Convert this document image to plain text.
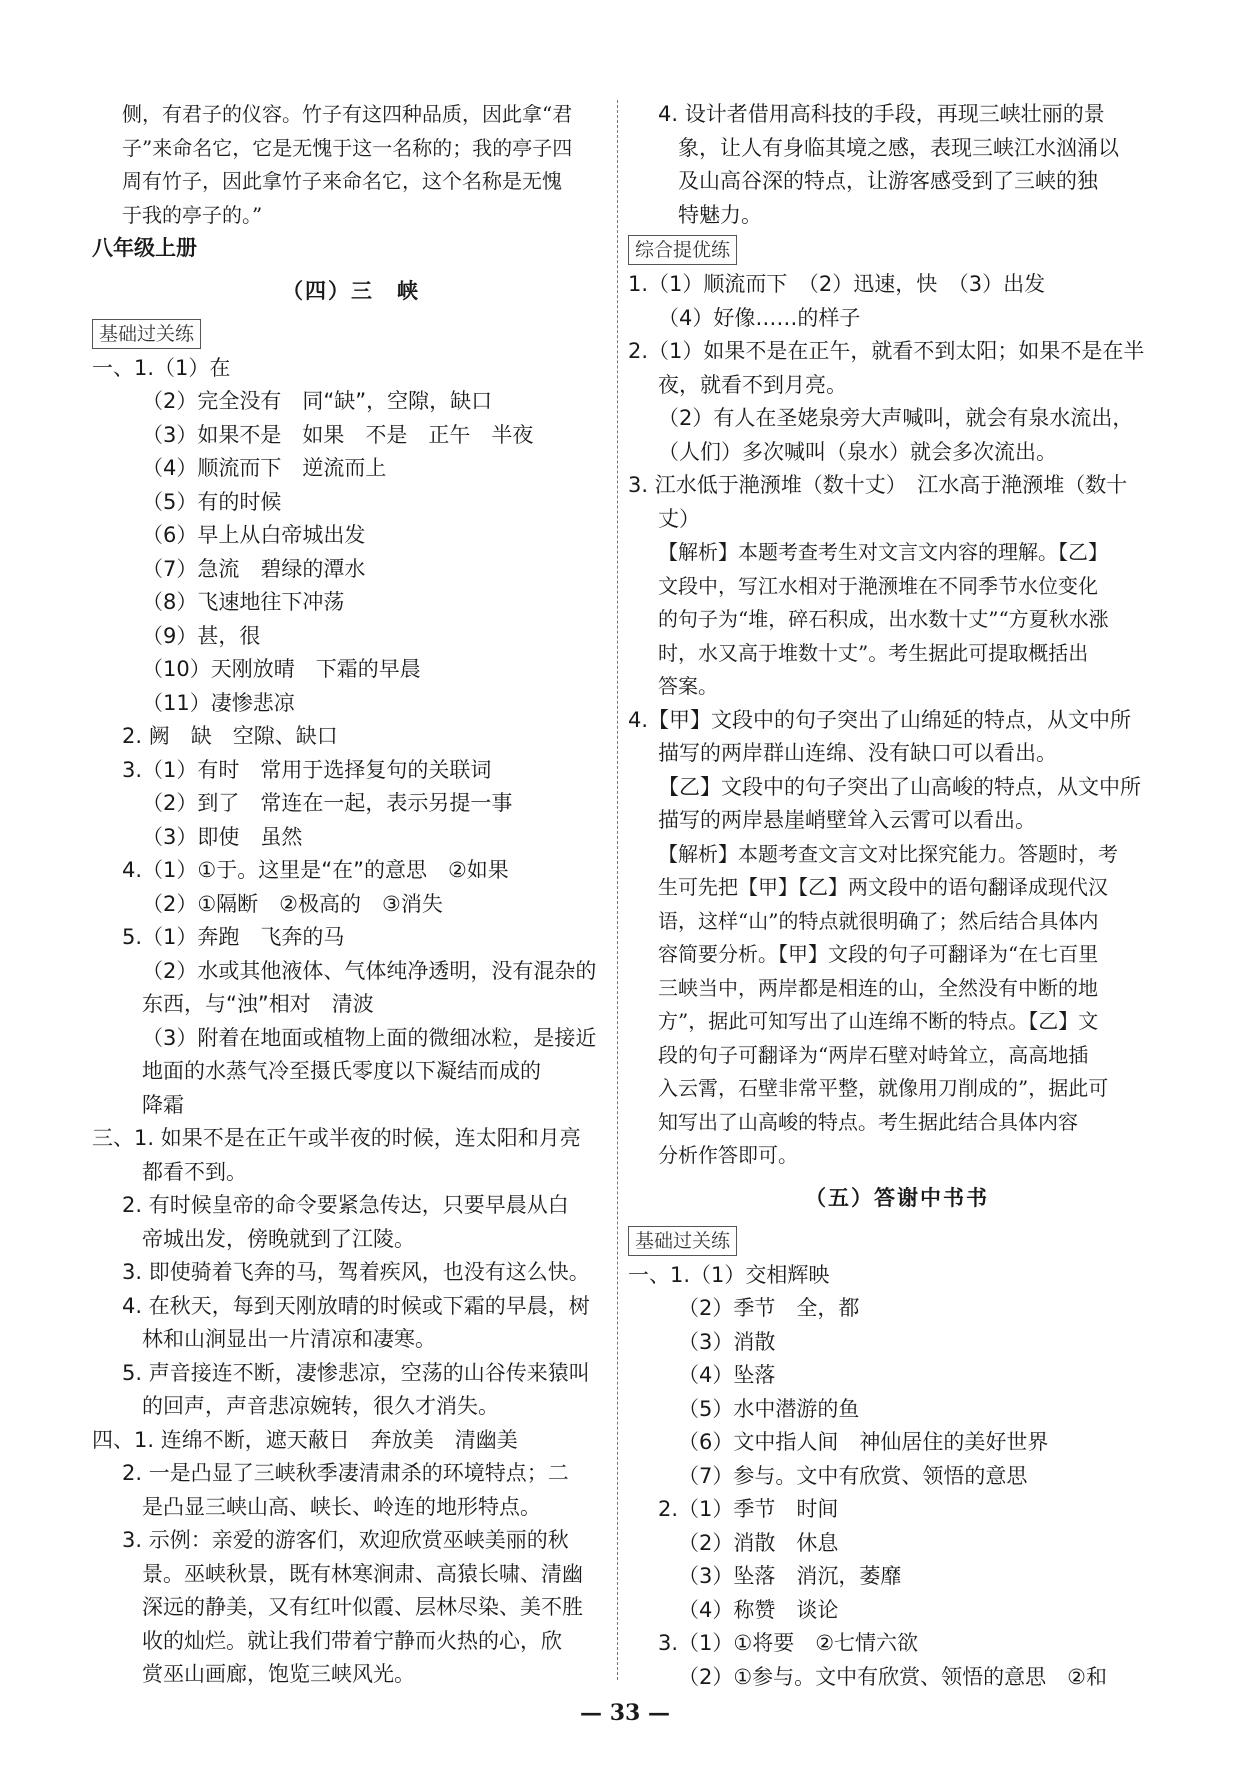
侧，有君子的仪容。竹子有这四种品质，因此拿“君
子”来命名它，它是无愧于这一名称的；我的亭子四
周有竹子，因此拿竹子来命名它，这个名称是无愧
于我的亭子的。”
八年级上册
（四）三　峡
基础过关练
一、1.（1）在
（2）完全没有　同“缺”，空隙，缺口
（3）如果不是　如果　不是　正午　半夜
（4）顺流而下　逆流而上
（5）有的时候
（6）早上从白帝城出发
（7）急流　碧绿的潭水
（8）飞速地往下冲荡
（9）甚，很
（10）天刚放晴　下霜的早晨
（11）凄惨悲凉
2. 阙　缺　空隙、缺口
3.（1）有时　常用于选择复句的关联词
（2）到了　常连在一起，表示另提一事
（3）即使　虽然
4.（1）①于。这里是“在”的意思　②如果
（2）①隔断　②极高的　③消失
5.（1）奔跑　飞奔的马
（2）水或其他液体、气体纯净透明，没有混杂的
东西，与“浊”相对　清波
（3）附着在地面或植物上面的微细冰粒，是接近
地面的水蒸气冷至摄氏零度以下凝结而成的
降霜
三、1. 如果不是在正午或半夜的时候，连太阳和月亮
都看不到。
2. 有时候皇帝的命令要紧急传达，只要早晨从白
帝城出发，傍晚就到了江陵。
3. 即使骑着飞奔的马，驾着疾风，也没有这么快。
4. 在秋天，每到天刚放晴的时候或下霜的早晨，树
林和山涧显出一片清凉和凄寒。
5. 声音接连不断，凄惨悲凉，空荡的山谷传来猿叫
的回声，声音悲凉婉转，很久才消失。
四、1. 连绵不断，遮天蔽日　奔放美　清幽美
2. 一是凸显了三峡秋季凄清肃杀的环境特点；二
是凸显三峡山高、峡长、岭连的地形特点。
3. 示例：亲爱的游客们，欢迎欣赏巫峡美丽的秋
景。巫峡秋景，既有林寒涧肃、高猿长啸、清幽
深远的静美，又有红叶似霞、层林尽染、美不胜
收的灿烂。就让我们带着宁静而火热的心，欣
赏巫山画廊，饱览三峡风光。
4. 设计者借用高科技的手段，再现三峡壮丽的景
象，让人有身临其境之感，表现三峡江水汹涌以
及山高谷深的特点，让游客感受到了三峡的独
特魅力。
综合提优练
1.（1）顺流而下　（2）迅速，快　（3）出发
（4）好像……的样子
2.（1）如果不是在正午，就看不到太阳；如果不是在半
夜，就看不到月亮。
（2）有人在圣姥泉旁大声喊叫，就会有泉水流出，
（人们）多次喊叫（泉水）就会多次流出。
3. 江水低于滟滪堆（数十丈）　江水高于滟滪堆（数十
丈）
【解析】本题考查考生对文言文内容的理解。【乙】
文段中，写江水相对于滟滪堆在不同季节水位变化
的句子为“堆，碎石积成，出水数十丈”“方夏秋水涨
时，水又高于堆数十丈”。考生据此可提取概括出
答案。
4.【甲】文段中的句子突出了山绵延的特点，从文中所
描写的两岸群山连绵、没有缺口可以看出。
【乙】文段中的句子突出了山高峻的特点，从文中所
描写的两岸悬崖峭壁耸入云霄可以看出。
【解析】本题考查文言文对比探究能力。答题时，考
生可先把【甲】【乙】两文段中的语句翻译成现代汉
语，这样“山”的特点就很明确了；然后结合具体内
容简要分析。【甲】文段的句子可翻译为“在七百里
三峡当中，两岸都是相连的山，全然没有中断的地
方”，据此可知写出了山连绵不断的特点。【乙】文
段的句子可翻译为“两岸石壁对峙耸立，高高地插
入云霄，石壁非常平整，就像用刀削成的”，据此可
知写出了山高峻的特点。考生据此结合具体内容
分析作答即可。
（五）答谢中书书
基础过关练
一、1.（1）交相辉映
（2）季节　全，都
（3）消散
（4）坠落
（5）水中潜游的鱼
（6）文中指人间　神仙居住的美好世界
（7）参与。文中有欣赏、领悟的意思
2.（1）季节　时间
（2）消散　休息
（3）坠落　消沉，萎靡
（4）称赞　谈论
3.（1）①将要　②七情六欲
（2）①参与。文中有欣赏、领悟的意思　②和
— 33 —
